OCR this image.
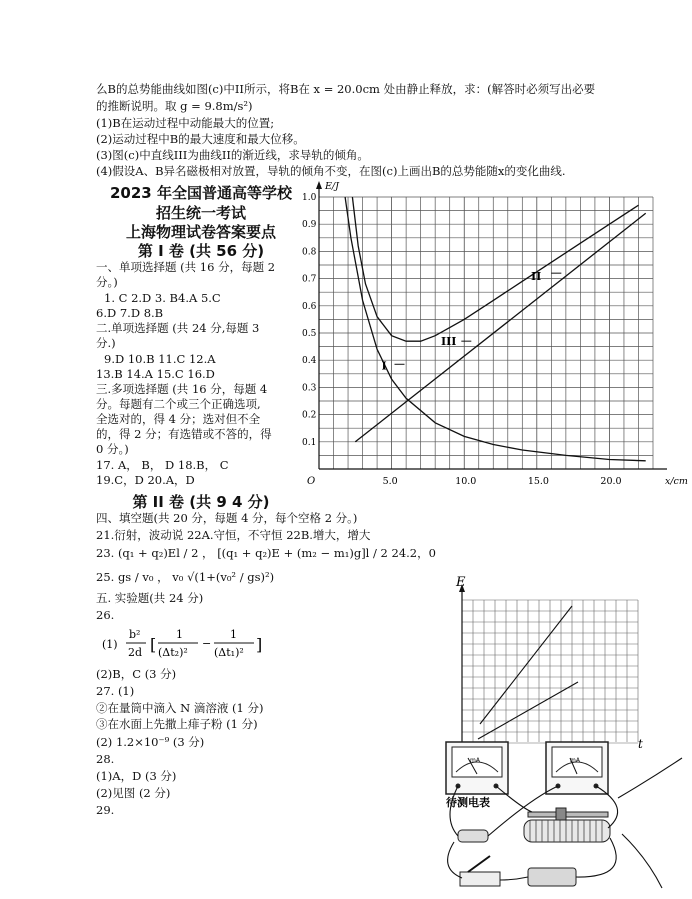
么B的总势能曲线如图(c)中II所示，将B在 x = 20.0cm 处由静止释放，求：(解答时必须写出必要
的推断说明。取 g = 9.8m/s²)
(1)B在运动过程中动能最大的位置;
(2)运动过程中B的最大速度和最大位移。
(3)图(c)中直线III为曲线II的渐近线，求导轨的倾角。
(4)假设A、B异名磁极相对放置，导轨的倾角不变，在图(c)上画出B的总势能随x的变化曲线.
2023 年全国普通高等学校
招生统一考试
上海物理试卷答案要点
第 I 卷 (共 56 分)
一、单项选择题 (共 16 分，每题 2
分。)
1. C 2.D 3. B4.A 5.C
6.D 7.D 8.B
二.单项选择题 (共 24 分,每题 3
分.)
9.D 10.B 11.C 12.A
13.B 14.A 15.C 16.D
三.多项选择题 (共 16 分，每题 4
分。每题有二个或三个正确选项,
全选对的，得 4 分；选对但不全
的，得 2 分；有选错或不答的，得
0 分。)
17. A， B， D 18.B， C
19.C，D 20.A，D
第 II 卷 (共 9 4 分)
四、填空题(共 20 分，每题 4 分，每个空格 2 分。)
21.衍射，波动说 22A.守恒，不守恒 22B.增大，增大
23. (q₁ + q₂)El / 2 ， [(q₁ + q₂)E + (m₂ − m₁)g]l / 2 24.2，0
25. gs / v₀ ， v₀ √(1+(v₀² / gs)²)
五. 实验题(共 24 分)
26.
(1)
b²
2d [
1
(Δt₂)²
−
1
(Δt₁)² ]
(2)B，C (3 分)
27. (1)
②在量筒中滴入 N 滴溶液 (1 分)
③在水面上先撒上痱子粉 (1 分)
(2) 1.2×10⁻⁹ (3 分)
28.
(1)A，D (3 分)
(2)见图 (2 分)
29.
0.1
0.2
0.3
0.4
0.5
0.6
0.7
0.8
0.9
1.0
5.0	10.0	15.0	20.0
O	x/cm
E/J
I
II
III
E
t
mA
待测电表
mA
